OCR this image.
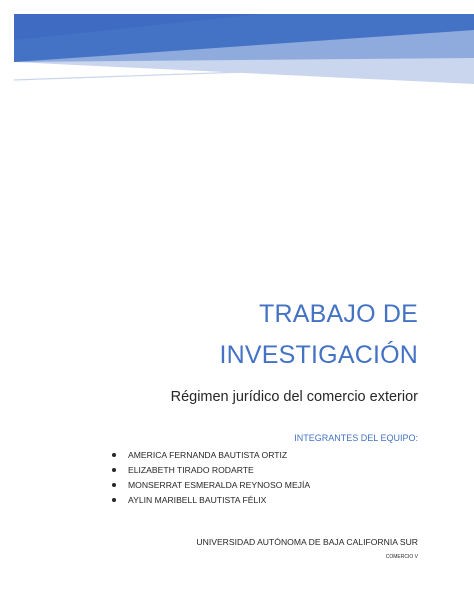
TRABAJO DE
INVESTIGACIÓN
Régimen jurídico del comercio exterior
INTEGRANTES DEL EQUIPO:
AMERICA FERNANDA BAUTISTA ORTIZ
ELIZABETH TIRADO RODARTE
MONSERRAT ESMERALDA REYNOSO MEJÍA
AYLIN MARIBELL BAUTISTA FÉLIX
UNIVERSIDAD AUTÓNOMA DE BAJA CALIFORNIA SUR
COMERCIO V
